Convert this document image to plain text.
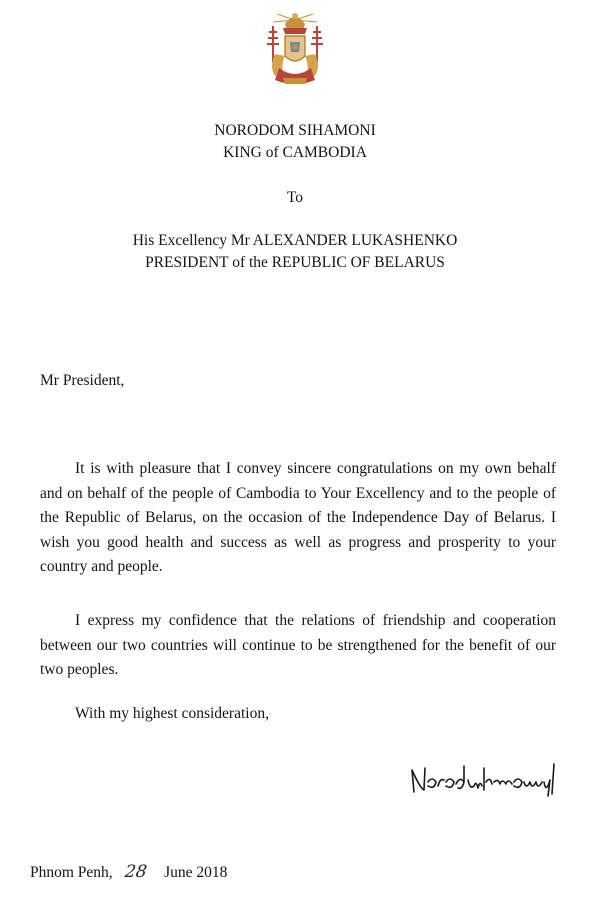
NORODOM SIHAMONI
KING of CAMBODIA
To
His Excellency Mr ALEXANDER LUKASHENKO
PRESIDENT of the REPUBLIC OF BELARUS
Mr President,

It is with pleasure that I convey sincere congratulations on my own behalf and on behalf of the people of Cambodia to Your Excellency and to the people of the Republic of Belarus, on the occasion of the Independence Day of Belarus. I wish you good health and success as well as progress and prosperity to your country and people.

I express my confidence that the relations of friendship and cooperation between our two countries will continue to be strengthened for the benefit of our two peoples.

With my highest consideration,
Phnom Penh, 28 June 2018
